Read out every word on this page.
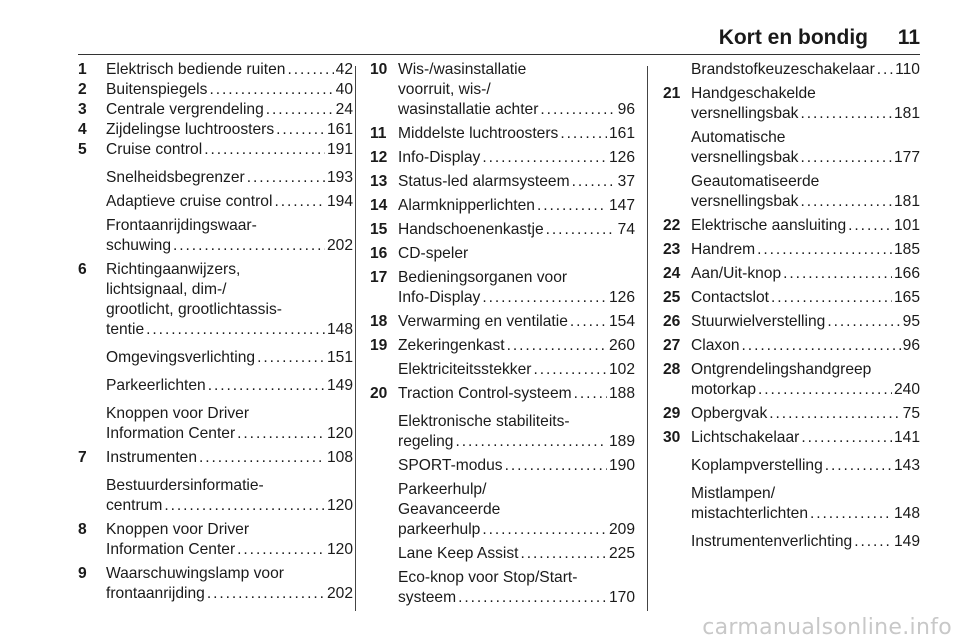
Kort en bondig 11
1 Elektrisch bediende ruiten . . .	42
2 Buitenspiegels . . .	40
3 Centrale vergrendeling . . .	24
4 Zijdelingse luchtroosters . . .	161
5 Cruise control . . .	191
Snelheidsbegrenzer . . .	193
Adaptieve cruise control . . .	194
Frontaanrijdingswaar-
schuwing . . .	202
6 Richtingaanwijzers,
lichtsignaal, dim-/
grootlicht, grootlichtassis-
tentie . . .	148
Omgevingsverlichting . . .	151
Parkeerlichten . . .	149
Knoppen voor Driver
Information Center . . .	120
7 Instrumenten . . .	108
Bestuurdersinformatie-
centrum . . .	120
8 Knoppen voor Driver
Information Center . . .	120
9 Waarschuwingslamp voor
frontaanrijding . . .	202
10 Wis-/wasinstallatie
voorruit, wis-/
wasinstallatie achter . . .	96
11 Middelste luchtroosters . . .	161
12 Info-Display . . .	126
13 Status-led alarmsysteem . . .	37
14 Alarmknipperlichten . . .	147
15 Handschoenenkastje . . .	74
16 CD-speler
17 Bedieningsorganen voor
Info-Display . . .	126
18 Verwarming en ventilatie . . .	154
19 Zekeringenkast . . .	260
Elektriciteitsstekker . . .	102
20 Traction Control-systeem . . . 188
Elektronische stabiliteits-
regeling . . .	189
SPORT-modus . . .	190
Parkeerhulp/
Geavanceerde
parkeerhulp . . .	209
Lane Keep Assist . . .	225
Eco-knop voor Stop/Start-
systeem . . .	170
Brandstofkeuzeschakelaar . . . 110
21 Handgeschakelde
versnellingsbak . . .	181
Automatische
versnellingsbak . . .	177
Geautomatiseerde
versnellingsbak . . .	181
22 Elektrische aansluiting . . .	101
23 Handrem . . .	185
24 Aan/Uit-knop . . .	166
25 Contactslot . . .	165
26 Stuurwielverstelling . . .	95
27 Claxon . . .	96
28 Ontgrendelingshandgreep
motorkap . . .	240
29 Opbergvak . . .	75
30 Lichtschakelaar . . .	141
Koplampverstelling . . .	143
Mistlampen/
mistachterlichten . . .	148
Instrumentenverlichting . . .	149
carmanualsonline.info
